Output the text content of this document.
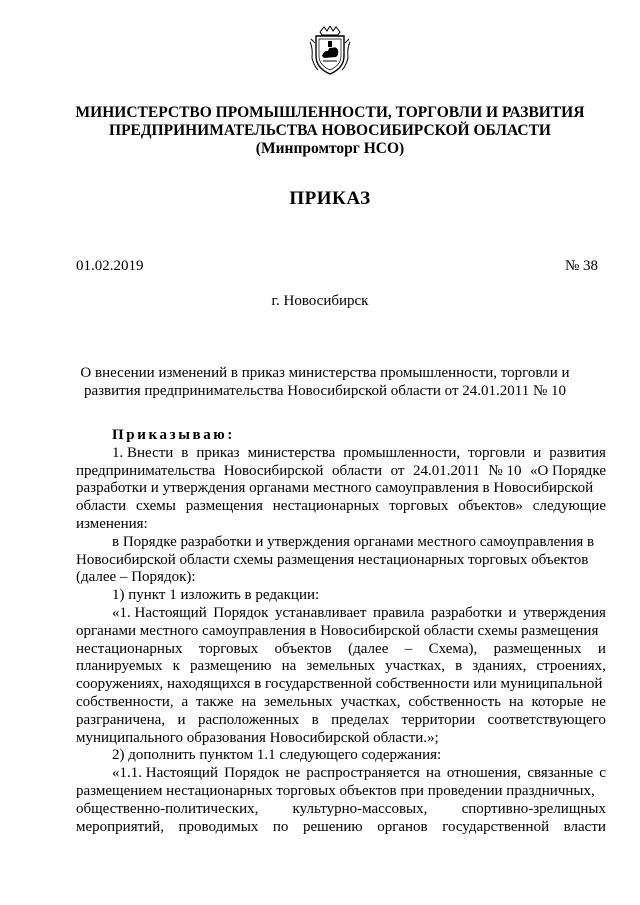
МИНИСТЕРСТВО ПРОМЫШЛЕННОСТИ, ТОРГОВЛИ И РАЗВИТИЯ
ПРЕДПРИНИМАТЕЛЬСТВА НОВОСИБИРСКОЙ ОБЛАСТИ
(Минпромторг НСО)
ПРИКАЗ
01.02.2019	№ 38
г. Новосибирск
О внесении изменений в приказ министерства промышленности, торговли и
развития предпринимательства Новосибирской области от 24.01.2011 № 10
Приказываю:
1. Внести в приказ министерства промышленности, торговли и развития
предпринимательства Новосибирской области от 24.01.2011 № 10 «О Порядке
разработки и утверждения органами местного самоуправления в Новосибирской
области схемы размещения нестационарных торговых объектов» следующие
изменения:
в Порядке разработки и утверждения органами местного самоуправления в
Новосибирской области схемы размещения нестационарных торговых объектов
(далее – Порядок):
1) пункт 1 изложить в редакции:
«1. Настоящий Порядок устанавливает правила разработки и утверждения
органами местного самоуправления в Новосибирской области схемы размещения
нестационарных торговых объектов (далее – Схема), размещенных и
планируемых к размещению на земельных участках, в зданиях, строениях,
сооружениях, находящихся в государственной собственности или муниципальной
собственности, а также на земельных участках, собственность на которые не
разграничена, и расположенных в пределах территории соответствующего
муниципального образования Новосибирской области.»;
2) дополнить пунктом 1.1 следующего содержания:
«1.1. Настоящий Порядок не распространяется на отношения, связанные с
размещением нестационарных торговых объектов при проведении праздничных,
общественно-политических, культурно-массовых, спортивно-зрелищных
мероприятий, проводимых по решению органов государственной власти
